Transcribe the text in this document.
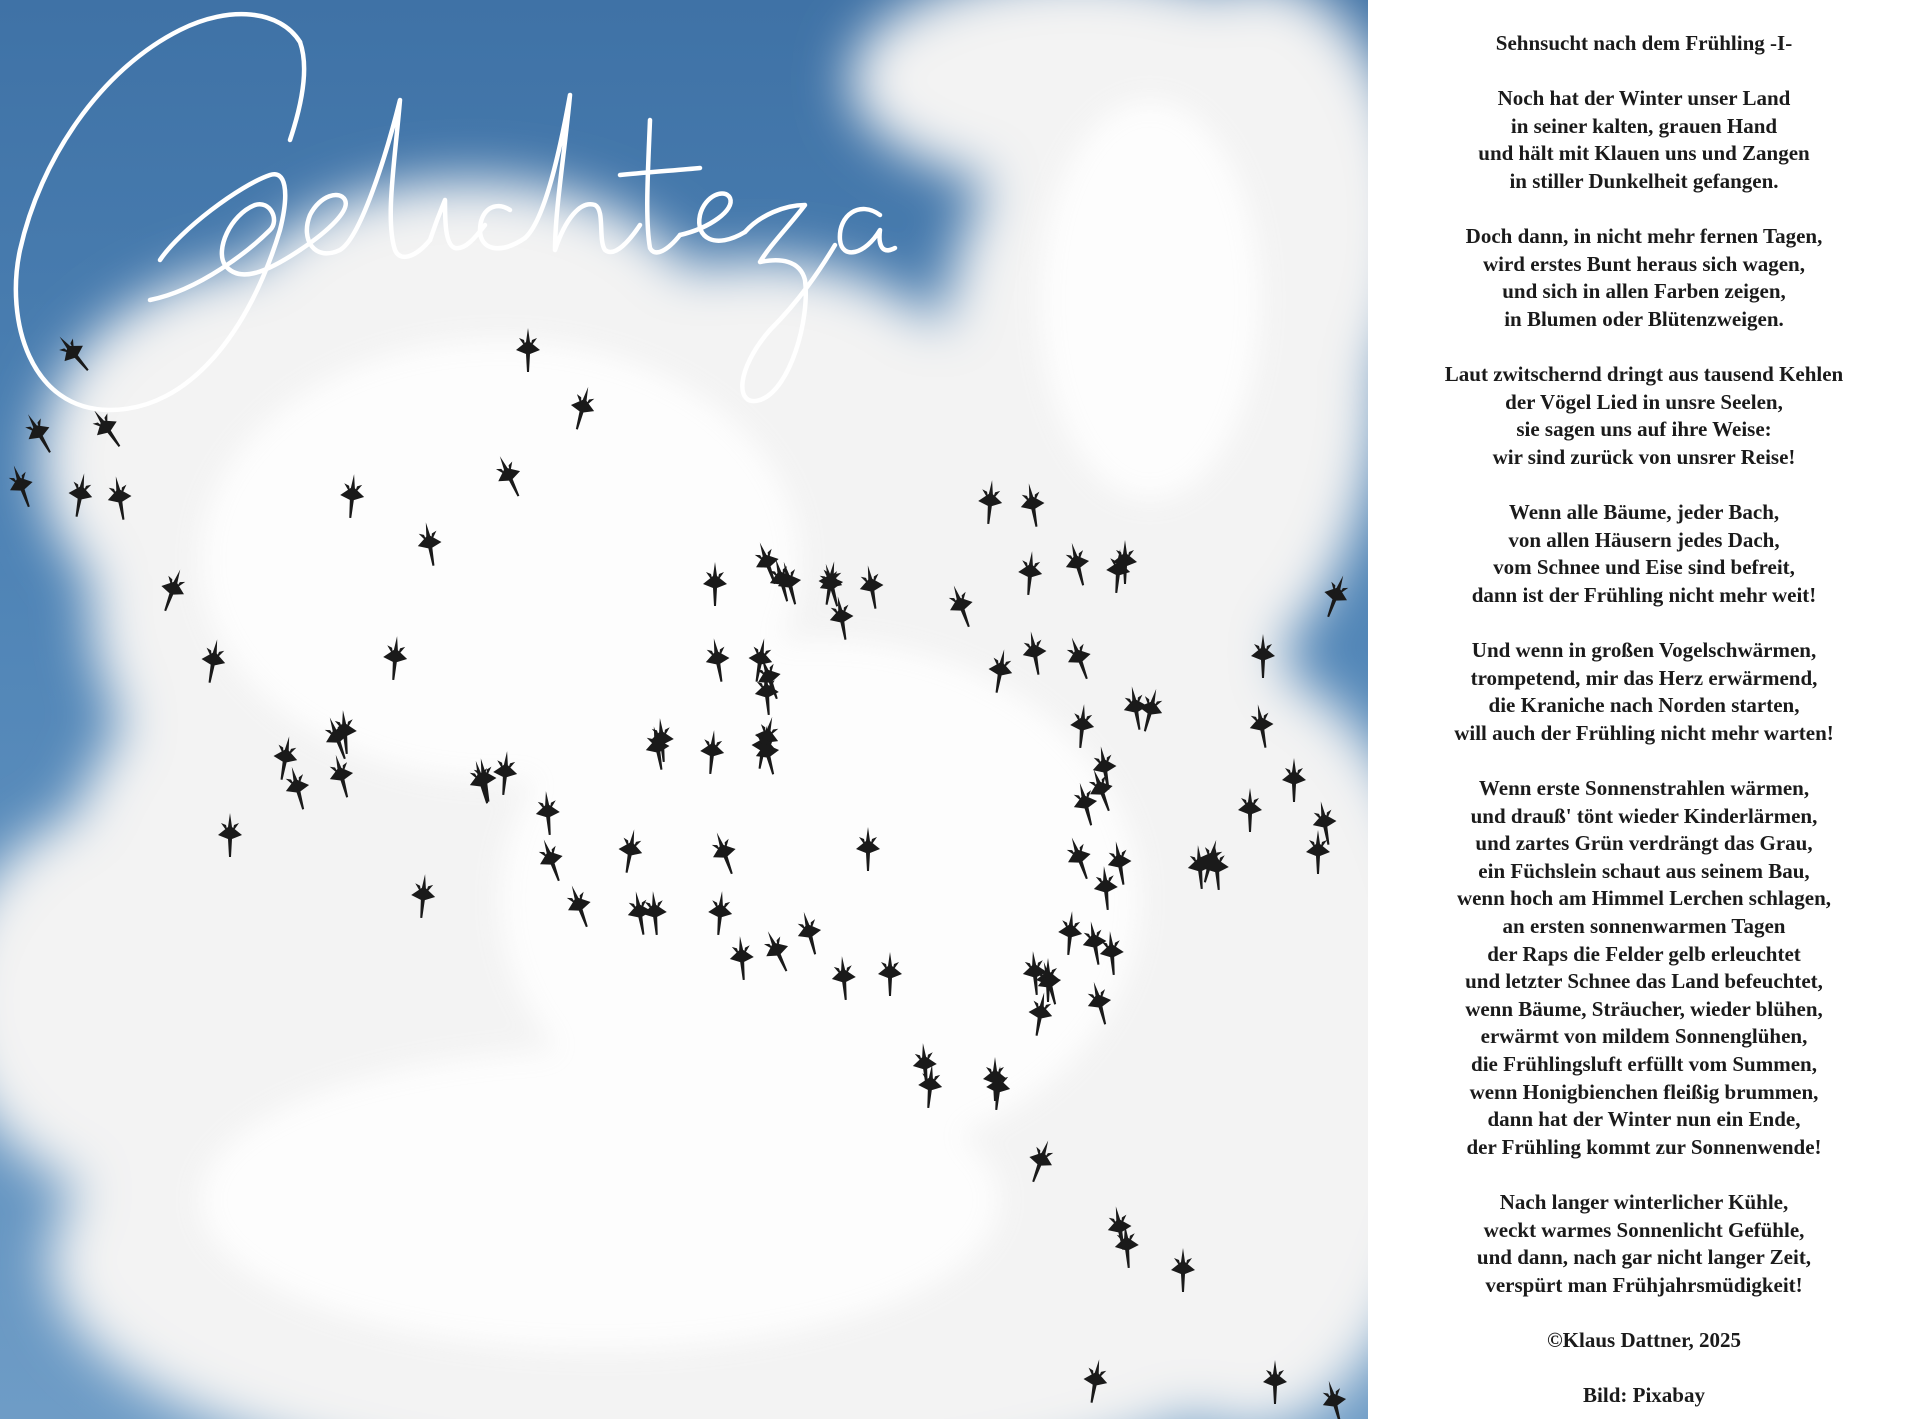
Sehnsucht nach dem Frühling -I-
Noch hat der Winter unser Land
in seiner kalten, grauen Hand
und hält mit Klauen uns und Zangen
in stiller Dunkelheit gefangen.
Doch dann, in nicht mehr fernen Tagen,
wird erstes Bunt heraus sich wagen,
und sich in allen Farben zeigen,
in Blumen oder Blütenzweigen.
Laut zwitschernd dringt aus tausend Kehlen
der Vögel Lied in unsre Seelen,
sie sagen uns auf ihre Weise:
wir sind zurück von unsrer Reise!
Wenn alle Bäume, jeder Bach,
von allen Häusern jedes Dach,
vom Schnee und Eise sind befreit,
dann ist der Frühling nicht mehr weit!
Und wenn in großen Vogelschwärmen,
trompetend, mir das Herz erwärmend,
die Kraniche nach Norden starten,
will auch der Frühling nicht mehr warten!
Wenn erste Sonnenstrahlen wärmen,
und drauß' tönt wieder Kinderlärmen,
und zartes Grün verdrängt das Grau,
ein Füchslein schaut aus seinem Bau,
wenn hoch am Himmel Lerchen schlagen,
an ersten sonnenwarmen Tagen
der Raps die Felder gelb erleuchtet
und letzter Schnee das Land befeuchtet,
wenn Bäume, Sträucher, wieder blühen,
erwärmt von mildem Sonnenglühen,
die Frühlingsluft erfüllt vom Summen,
wenn Honigbienchen fleißig brummen,
dann hat der Winter nun ein Ende,
der Frühling kommt zur Sonnenwende!
Nach langer winterlicher Kühle,
weckt warmes Sonnenlicht Gefühle,
und dann, nach gar nicht langer Zeit,
verspürt man Frühjahrsmüdigkeit!
©Klaus Dattner, 2025
Bild: Pixabay
